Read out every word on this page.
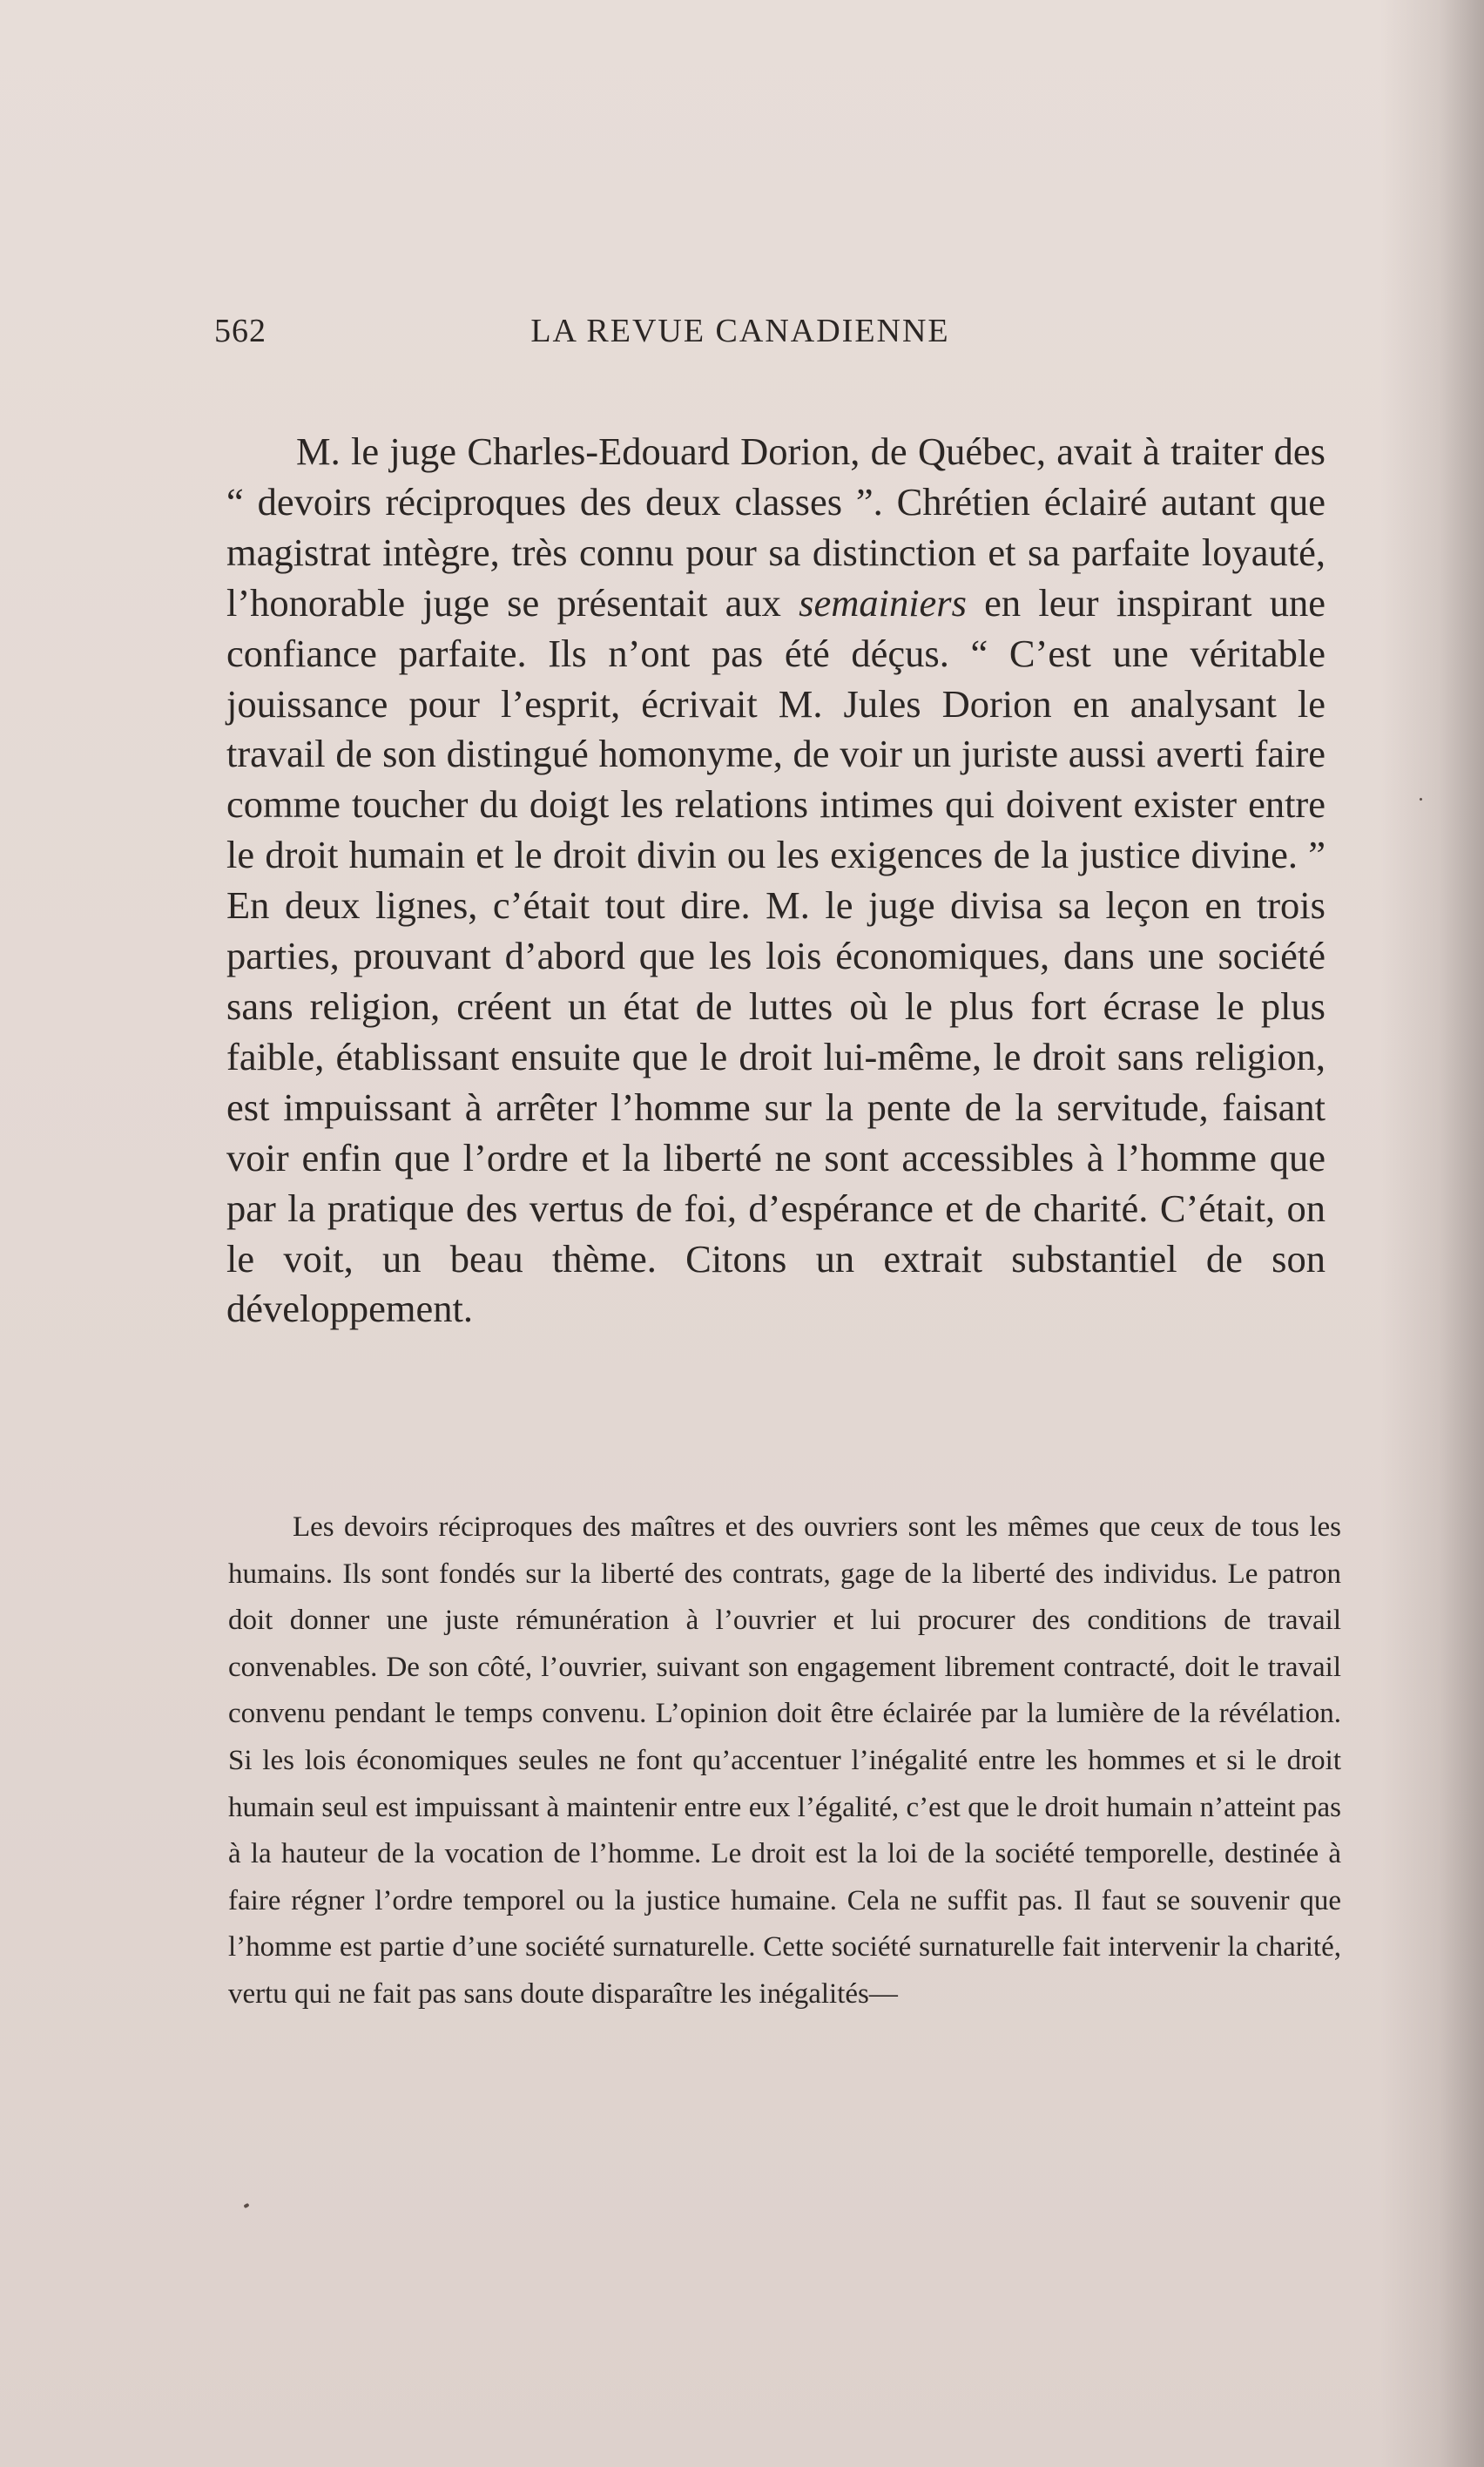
562	LA REVUE CANADIENNE

M. le juge Charles-Edouard Dorion, de Québec, avait à traiter des “ devoirs réciproques des deux classes ”. Chrétien éclairé autant que magistrat intègre, très connu pour sa distinction et sa parfaite loyauté, l’honorable juge se présentait aux semainiers en leur inspirant une confiance parfaite. Ils n’ont pas été déçus. “ C’est une véritable jouissance pour l’esprit, écrivait M. Jules Dorion en analysant le travail de son distingué homonyme, de voir un juriste aussi averti faire comme toucher du doigt les relations intimes qui doivent exister entre le droit humain et le droit divin ou les exigences de la justice divine. ” En deux lignes, c’était tout dire. M. le juge divisa sa leçon en trois parties, prouvant d’abord que les lois économiques, dans une société sans religion, créent un état de luttes où le plus fort écrase le plus faible, établissant ensuite que le droit lui-même, le droit sans religion, est impuissant à arrêter l’homme sur la pente de la servitude, faisant voir enfin que l’ordre et la liberté ne sont accessibles à l’homme que par la pratique des vertus de foi, d’espérance et de charité. C’était, on le voit, un beau thème. Citons un extrait substantiel de son développement.

Les devoirs réciproques des maîtres et des ouvriers sont les mêmes que ceux de tous les humains. Ils sont fondés sur la liberté des contrats, gage de la liberté des individus. Le patron doit donner une juste rémunération à l’ouvrier et lui procurer des conditions de travail convenables. De son côté, l’ouvrier, suivant son engagement librement contracté, doit le travail convenu pendant le temps convenu. L’opinion doit être éclairée par la lumière de la révélation. Si les lois économiques seules ne font qu’accentuer l’inégalité entre les hommes et si le droit humain seul est impuissant à maintenir entre eux l’égalité, c’est que le droit humain n’atteint pas à la hauteur de la vocation de l’homme. Le droit est la loi de la société temporelle, destinée à faire régner l’ordre temporel ou la justice humaine. Cela ne suffit pas. Il faut se souvenir que l’homme est partie d’une société surnaturelle. Cette société surnaturelle fait intervenir la charité, vertu qui ne fait pas sans doute disparaître les inégalités—
